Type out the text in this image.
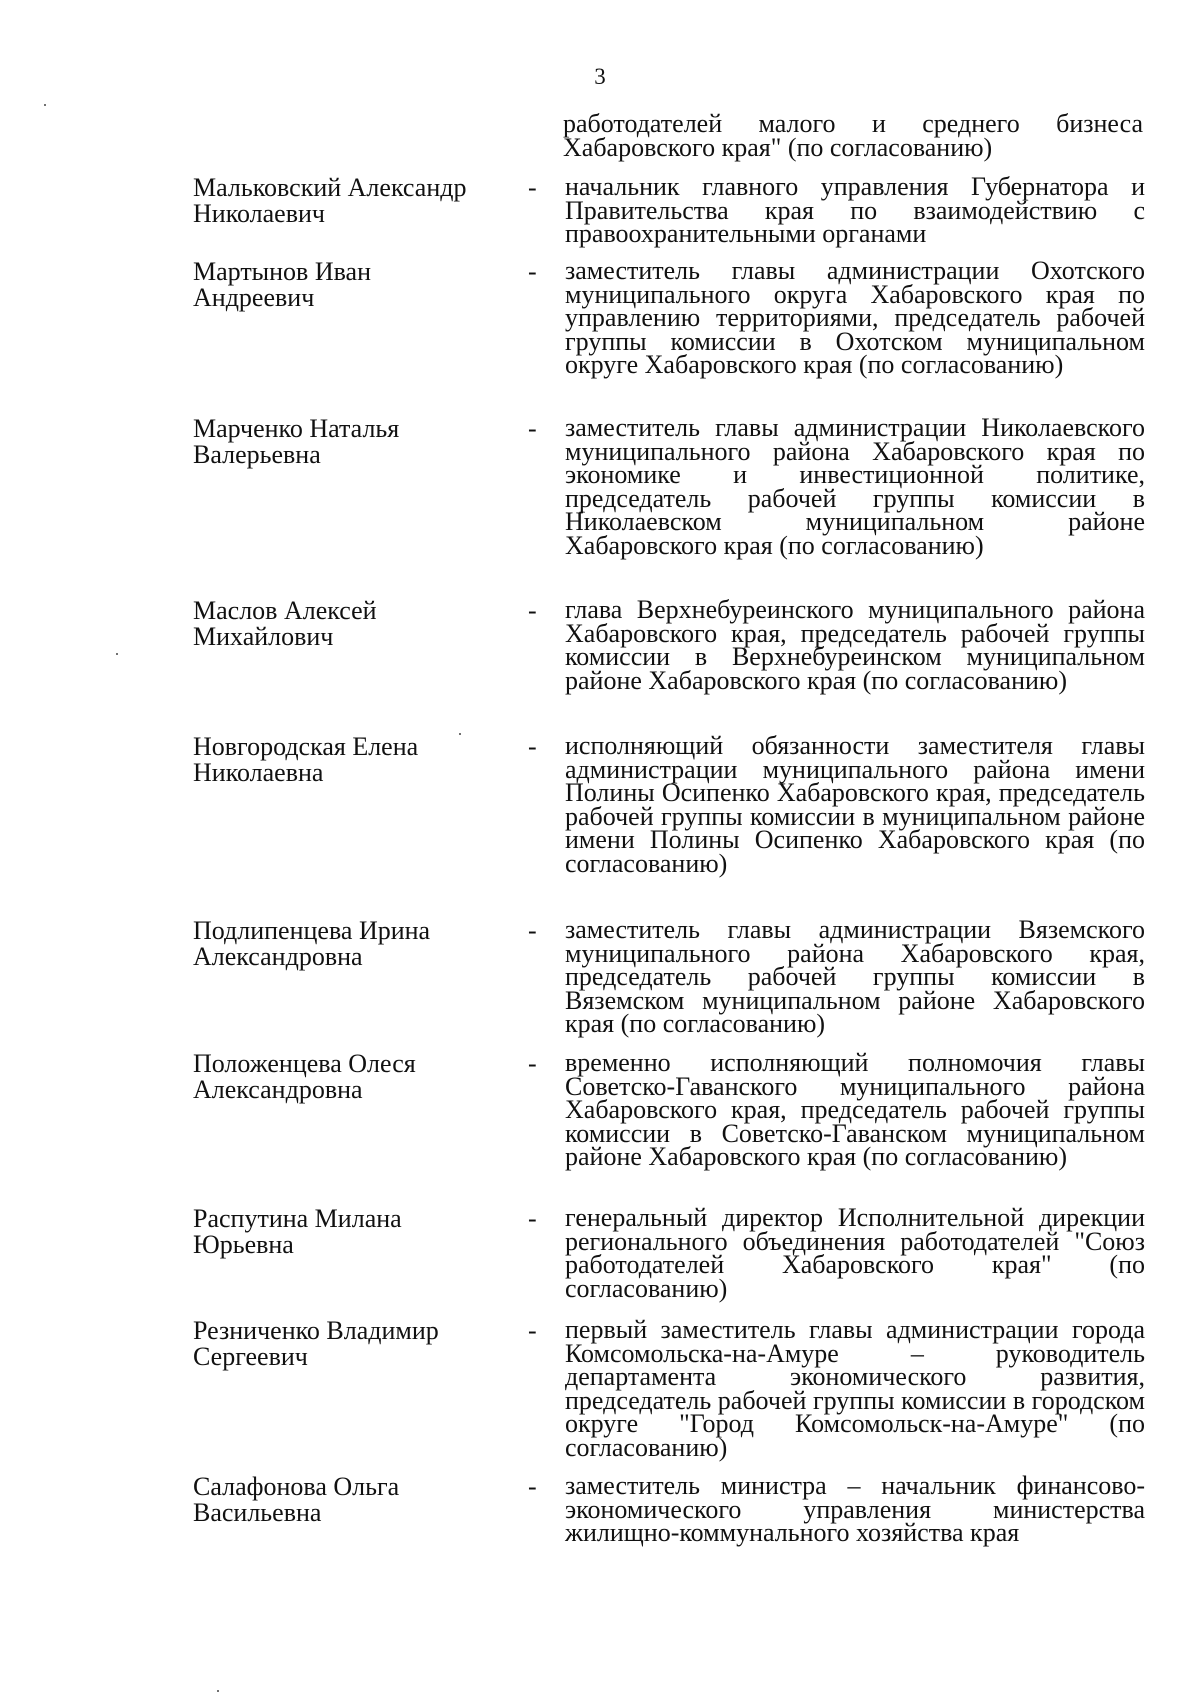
3
работодателей малого и среднего бизнеса Хабаровского края" (по согласованию)
Мальковский Александр
Николаевич
- начальник главного управления Губернатора и Правительства края по взаимодействию с правоохранительными органами
Мартынов Иван
Андреевич
- заместитель главы администрации Охотского муниципального округа Хабаровского края по управлению территориями, председатель рабочей группы комиссии в Охотском муниципальном округе Хабаровского края (по согласованию)
Марченко Наталья
Валерьевна
- заместитель главы администрации Николаевского муниципального района Хабаровского края по экономике и инвестиционной политике, председатель рабочей группы комиссии в Николаевском муниципальном районе Хабаровского края (по согласованию)
Маслов Алексей
Михайлович
- глава Верхнебуреинского муниципального района Хабаровского края, председатель рабочей группы комиссии в Верхнебуреинском муниципальном районе Хабаровского края (по согласованию)
Новгородская Елена
Николаевна
- исполняющий обязанности заместителя главы администрации муниципального района имени Полины Осипенко Хабаровского края, председатель рабочей группы комиссии в муниципальном районе имени Полины Осипенко Хабаровского края (по согласованию)
Подлипенцева Ирина
Александровна
- заместитель главы администрации Вяземского муниципального района Хабаровского края, председатель рабочей группы комиссии в Вяземском муниципальном районе Хабаровского края (по согласованию)
Положенцева Олеся
Александровна
- временно исполняющий полномочия главы Советско-Гаванского муниципального района Хабаровского края, председатель рабочей группы комиссии в Советско-Гаванском муниципальном районе Хабаровского края (по согласованию)
Распутина Милана
Юрьевна
- генеральный директор Исполнительной дирекции регионального объединения работодателей "Союз работодателей Хабаровского края" (по согласованию)
Резниченко Владимир
Сергеевич
- первый заместитель главы администрации города Комсомольска-на-Амуре – руководитель департамента экономического развития, председатель рабочей группы комиссии в городском округе "Город Комсомольск-на-Амуре" (по согласованию)
Салафонова Ольга
Васильевна
- заместитель министра – начальник финансово-экономического управления министерства жилищно-коммунального хозяйства края
